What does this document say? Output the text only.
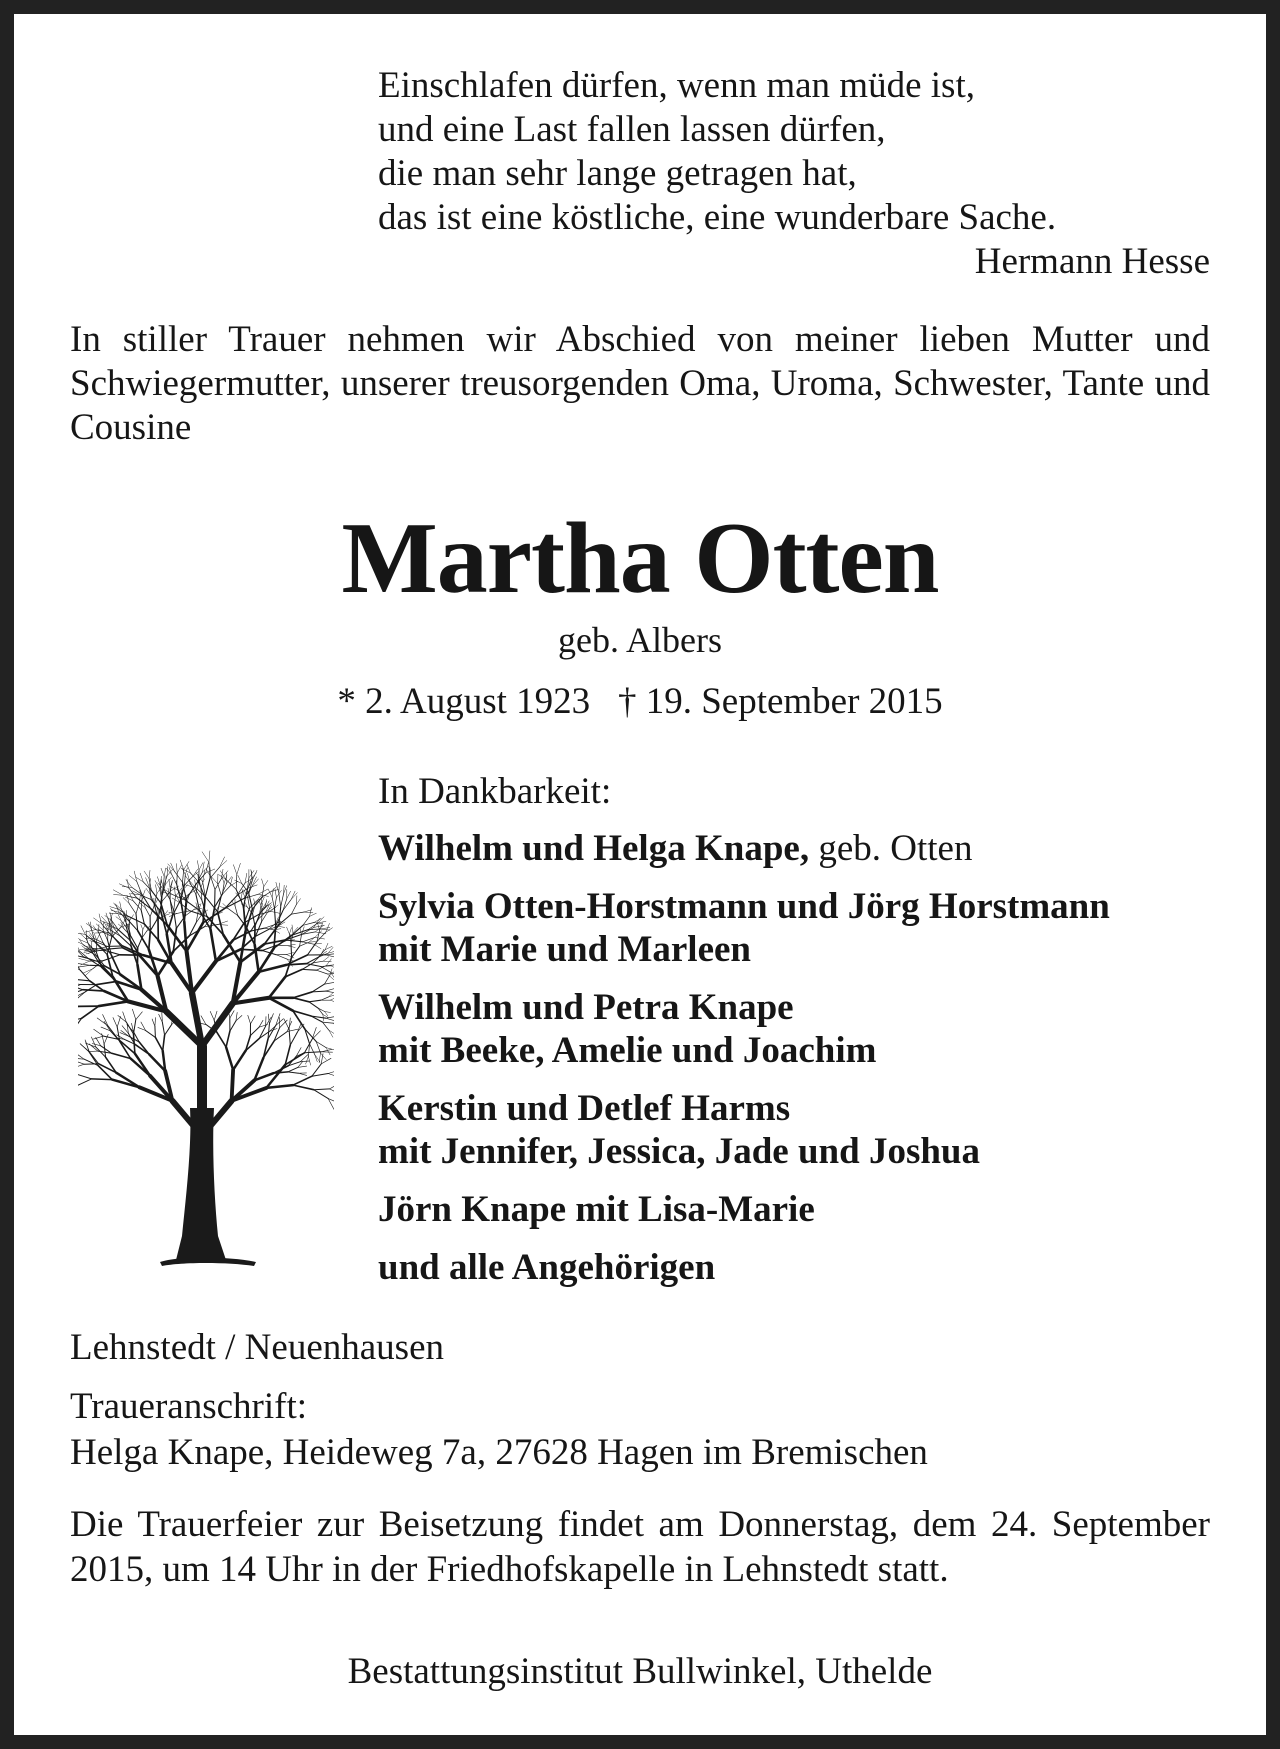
Einschlafen dürfen, wenn man müde ist,
und eine Last fallen lassen dürfen,
die man sehr lange getragen hat,
das ist eine köstliche, eine wunderbare Sache.
Hermann Hesse
In stiller Trauer nehmen wir Abschied von meiner lieben Mutter und Schwiegermutter, unserer treusorgenden Oma, Uroma, Schwester, Tante und Cousine
Martha Otten
geb. Albers
* 2. August 1923 † 19. September 2015
In Dankbarkeit:
Wilhelm und Helga Knape, geb. Otten
Sylvia Otten-Horstmann und Jörg Horstmann
mit Marie und Marleen
Wilhelm und Petra Knape
mit Beeke, Amelie und Joachim
Kerstin und Detlef Harms
mit Jennifer, Jessica, Jade und Joshua
Jörn Knape mit Lisa-Marie
und alle Angehörigen
Lehnstedt / Neuenhausen
Traueranschrift:
Helga Knape, Heideweg 7a, 27628 Hagen im Bremischen
Die Trauerfeier zur Beisetzung findet am Donnerstag, dem 24. September 2015, um 14 Uhr in der Friedhofskapelle in Lehnstedt statt.
Bestattungsinstitut Bullwinkel, Uthelde
